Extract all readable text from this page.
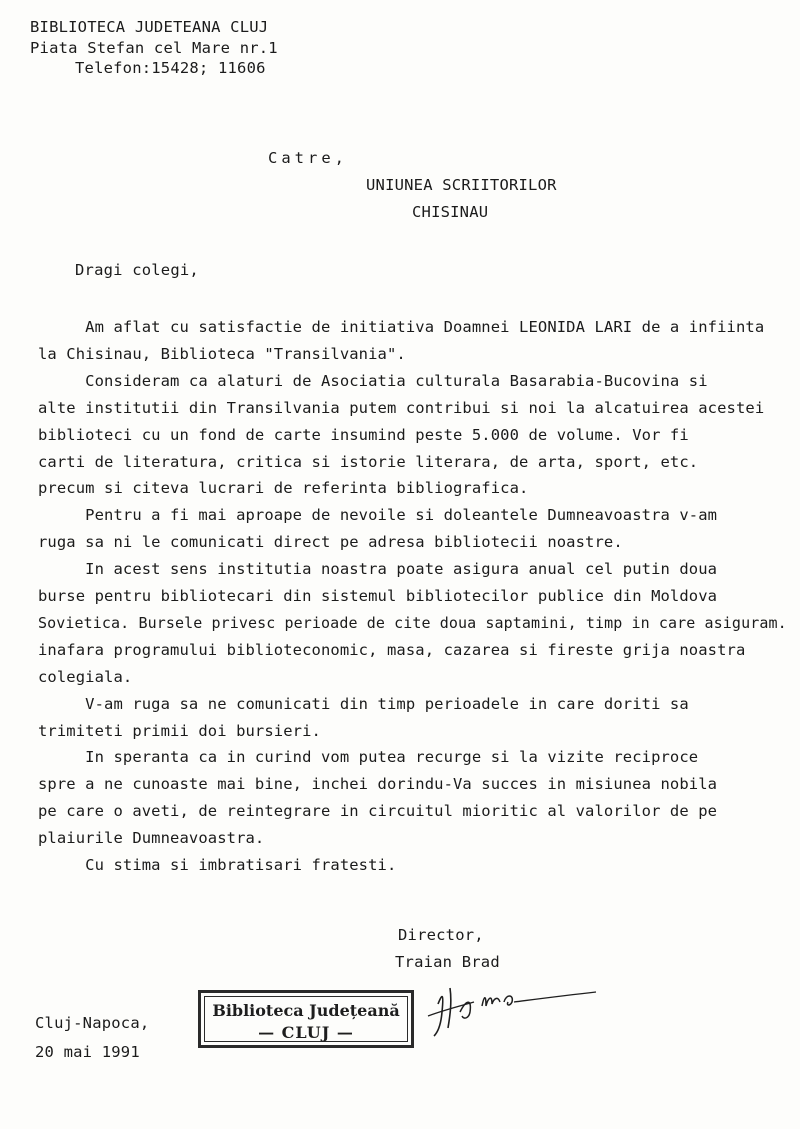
BIBLIOTECA JUDETEANA CLUJ
Piata Stefan cel Mare nr.1
Telefon:15428; 11606
Catre,
UNIUNEA SCRIITORILOR
CHISINAU
Dragi colegi,
Am aflat cu satisfactie de initiativa Doamnei LEONIDA LARI de a infiinta
la Chisinau, Biblioteca "Transilvania".
Consideram ca alaturi de Asociatia culturala Basarabia-Bucovina si
alte institutii din Transilvania putem contribui si noi la alcatuirea acestei
biblioteci cu un fond de carte insumind peste 5.000 de volume. Vor fi
carti de literatura, critica si istorie literara, de arta, sport, etc.
precum si citeva lucrari de referinta bibliografica.
Pentru a fi mai aproape de nevoile si doleantele Dumneavoastra v-am
ruga sa ni le comunicati direct pe adresa bibliotecii noastre.
In acest sens institutia noastra poate asigura anual cel putin doua
burse pentru bibliotecari din sistemul bibliotecilor publice din Moldova
Sovietica. Bursele privesc perioade de cite doua saptamini, timp in care asiguram.
inafara programului biblioteconomic, masa, cazarea si fireste grija noastra
colegiala.
V-am ruga sa ne comunicati din timp perioadele in care doriti sa
trimiteti primii doi bursieri.
In speranta ca in curind vom putea recurge si la vizite reciproce
spre a ne cunoaste mai bine, inchei dorindu-Va succes in misiunea nobila
pe care o aveti, de reintegrare in circuitul mioritic al valorilor de pe
plaiurile Dumneavoastra.
Cu stima si imbratisari fratesti.
Director,
Traian Brad
Biblioteca Județeană
— CLUJ —
Cluj-Napoca,
20 mai 1991
